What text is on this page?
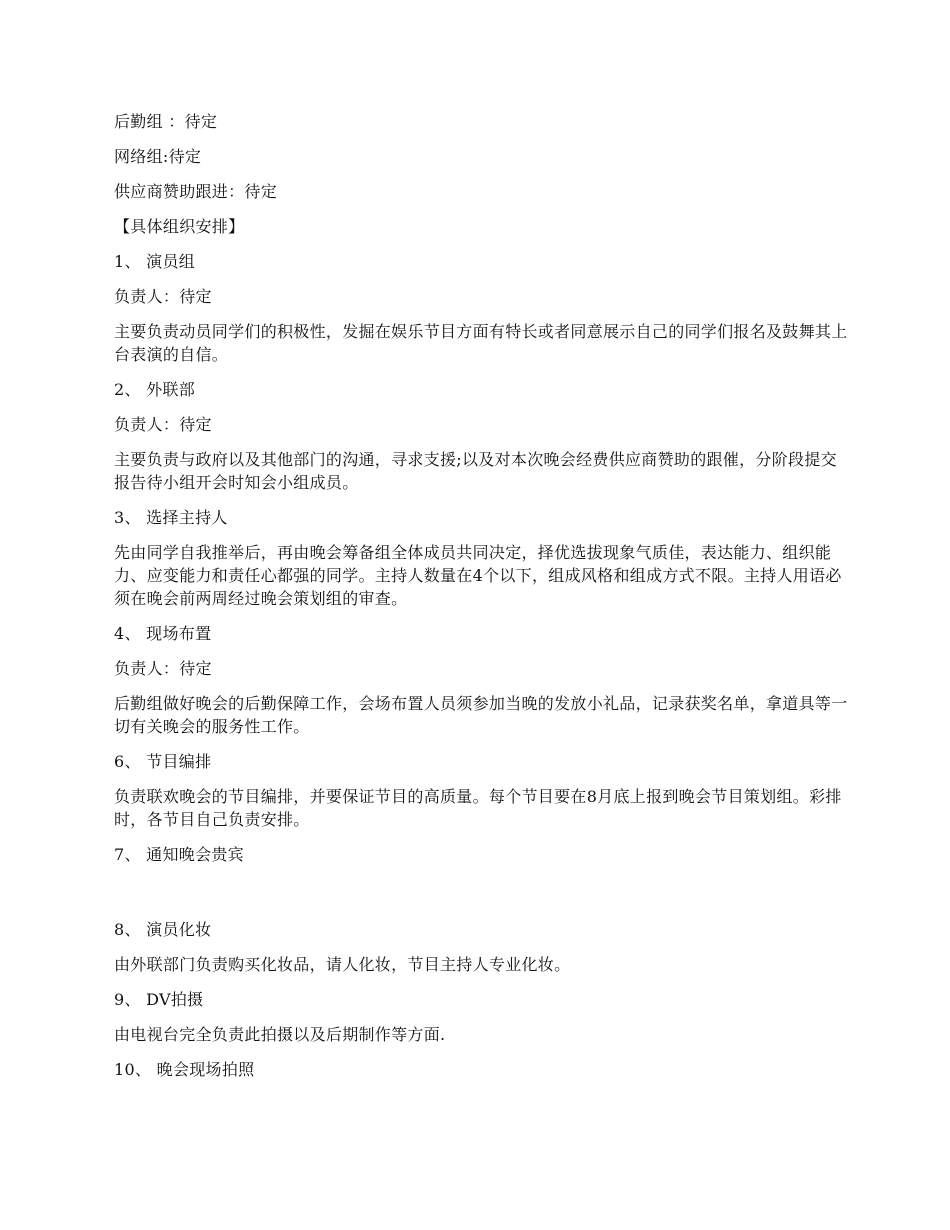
后勤组 ：待定

网络组:待定

供应商赞助跟进：待定

【具体组织安排】

1、 演员组

负责人：待定

主要负责动员同学们的积极性，发掘在娱乐节目方面有特长或者同意展示自己的同学们报名及鼓舞其上台表演的自信。

2、 外联部

负责人：待定

主要负责与政府以及其他部门的沟通，寻求支援;以及对本次晚会经费供应商赞助的跟催，分阶段提交报告待小组开会时知会小组成员。

3、 选择主持人

先由同学自我推举后，再由晚会筹备组全体成员共同决定，择优选拔现象气质佳，表达能力、组织能力、应变能力和责任心都强的同学。主持人数量在4个以下，组成风格和组成方式不限。主持人用语必须在晚会前两周经过晚会策划组的审查。

4、 现场布置

负责人：待定

后勤组做好晚会的后勤保障工作，会场布置人员须参加当晚的发放小礼品，记录获奖名单，拿道具等一切有关晚会的服务性工作。

6、 节目编排

负责联欢晚会的节目编排，并要保证节目的高质量。每个节目要在8月底上报到晚会节目策划组。彩排时，各节目自己负责安排。

7、 通知晚会贵宾

8、 演员化妆

由外联部门负责购买化妆品，请人化妆，节目主持人专业化妆。

9、 DV拍摄

由电视台完全负责此拍摄以及后期制作等方面.

10、 晚会现场拍照
